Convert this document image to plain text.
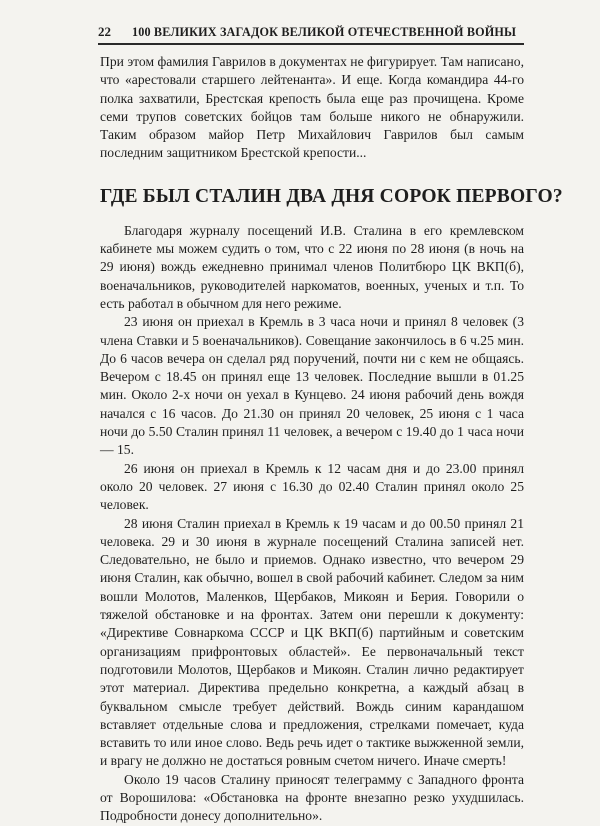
22	100 ВЕЛИКИХ ЗАГАДОК ВЕЛИКОЙ ОТЕЧЕСТВЕННОЙ ВОЙНЫ

При этом фамилия Гаврилов в документах не фигурирует. Там написано, что «арестовали старшего лейтенанта». И еще. Когда командира 44-го полка захватили, Брестская крепость была еще раз прочищена. Кроме семи трупов советских бойцов там больше никого не обнаружили. Таким образом майор Петр Михайлович Гаврилов был самым последним защитником Брестской крепости...

ГДЕ БЫЛ СТАЛИН ДВА ДНЯ СОРОК ПЕРВОГО?

Благодаря журналу посещений И.В. Сталина в его кремлевском кабинете мы можем судить о том, что с 22 июня по 28 июня (в ночь на 29 июня) вождь ежедневно принимал членов Политбюро ЦК ВКП(б), военачальников, руководителей наркоматов, военных, ученых и т.п. То есть работал в обычном для него режиме.

23 июня он приехал в Кремль в 3 часа ночи и принял 8 человек (3 члена Ставки и 5 военачальников). Совещание закончилось в 6 ч.25 мин. До 6 часов вечера он сделал ряд поручений, почти ни с кем не общаясь. Вечером с 18.45 он принял еще 13 человек. Последние вышли в 01.25 мин. Около 2-х ночи он уехал в Кунцево. 24 июня рабочий день вождя начался с 16 часов. До 21.30 он принял 20 человек, 25 июня с 1 часа ночи до 5.50 Сталин принял 11 человек, а вечером с 19.40 до 1 часа ночи — 15.

26 июня он приехал в Кремль к 12 часам дня и до 23.00 принял около 20 человек. 27 июня с 16.30 до 02.40 Сталин принял около 25 человек.

28 июня Сталин приехал в Кремль к 19 часам и до 00.50 принял 21 человека. 29 и 30 июня в журнале посещений Сталина записей нет. Следовательно, не было и приемов. Однако известно, что вечером 29 июня Сталин, как обычно, вошел в свой рабочий кабинет. Следом за ним вошли Молотов, Маленков, Щербаков, Микоян и Берия. Говорили о тяжелой обстановке и на фронтах. Затем они перешли к документу: «Директиве Совнаркома СССР и ЦК ВКП(б) партийным и советским организациям прифронтовых областей». Ее первоначальный текст подготовили Молотов, Щербаков и Микоян. Сталин лично редактирует этот материал. Директива предельно конкретна, а каждый абзац в буквальном смысле требует действий. Вождь синим карандашом вставляет отдельные слова и предложения, стрелками помечает, куда вставить то или иное слово. Ведь речь идет о тактике выжженной земли, и врагу не должно не достаться ровным счетом ничего. Иначе смерть!

Около 19 часов Сталину приносят телеграмму с Западного фронта от Ворошилова: «Обстановка на фронте внезапно резко ухудшилась. Подробности донесу дополнительно».
